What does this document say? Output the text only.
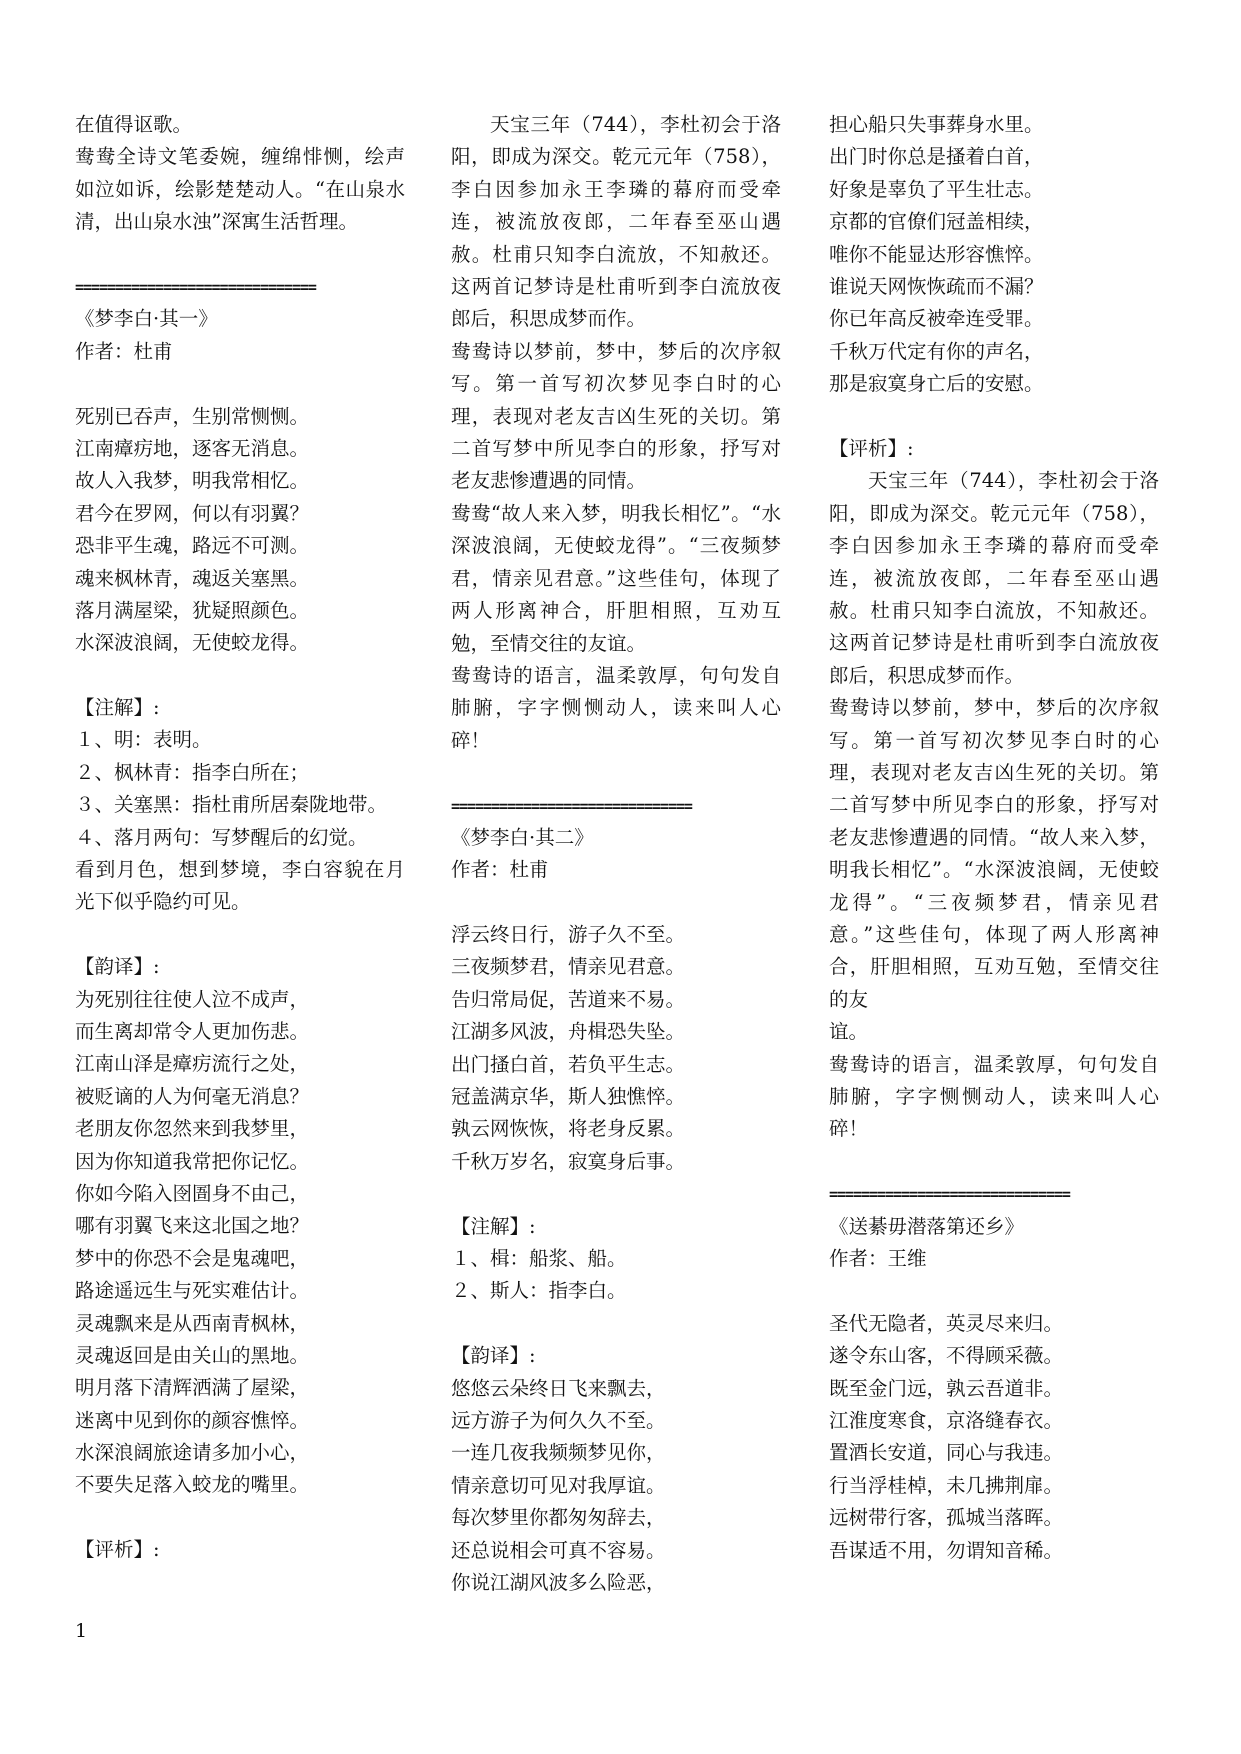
在值得讴歌。
鸯鸯全诗文笔委婉，缠绵悱恻，绘声如泣如诉，绘影楚楚动人。“在山泉水清，出山泉水浊”深寓生活哲理。
==============================
《梦李白·其一》
作者：杜甫
死别已吞声，生别常恻恻。
江南瘴疠地，逐客无消息。
故人入我梦，明我常相忆。
君今在罗网，何以有羽翼？
恐非平生魂，路远不可测。
魂来枫林青，魂返关塞黑。
落月满屋梁，犹疑照颜色。
水深波浪阔，无使蛟龙得。
【注解】:
１、明：表明。
２、枫林青：指李白所在；
３、关塞黑：指杜甫所居秦陇地带。
４、落月两句：写梦醒后的幻觉。
看到月色，想到梦境，李白容貌在月光下似乎隐约可见。
【韵译】:
为死别往往使人泣不成声，
而生离却常令人更加伤悲。
江南山泽是瘴疠流行之处，
被贬谪的人为何毫无消息？
老朋友你忽然来到我梦里，
因为你知道我常把你记忆。
你如今陷入囹圄身不由己，
哪有羽翼飞来这北国之地？
梦中的你恐不会是鬼魂吧，
路途遥远生与死实难估计。
灵魂飘来是从西南青枫林，
灵魂返回是由关山的黑地。
明月落下清辉洒满了屋梁，
迷离中见到你的颜容憔悴。
水深浪阔旅途请多加小心，
不要失足落入蛟龙的嘴里。
【评析】:
天宝三年（744），李杜初会于洛阳，即成为深交。乾元元年（758），李白因参加永王李璘的幕府而受牵连，被流放夜郎，二年春至巫山遇赦。杜甫只知李白流放，不知赦还。这两首记梦诗是杜甫听到李白流放夜郎后，积思成梦而作。
鸯鸯诗以梦前，梦中，梦后的次序叙写。第一首写初次梦见李白时的心理，表现对老友吉凶生死的关切。第二首写梦中所见李白的形象，抒写对老友悲惨遭遇的同情。
鸯鸯“故人来入梦，明我长相忆”。“水深波浪阔，无使蛟龙得”。“三夜频梦君，情亲见君意。”这些佳句，体现了两人形离神合，肝胆相照，互劝互勉，至情交往的友谊。
鸯鸯诗的语言，温柔敦厚，句句发自肺腑，字字恻恻动人，读来叫人心碎！
==============================
《梦李白·其二》
作者：杜甫
浮云终日行，游子久不至。
三夜频梦君，情亲见君意。
告归常局促，苦道来不易。
江湖多风波，舟楫恐失坠。
出门搔白首，若负平生志。
冠盖满京华，斯人独憔悴。
孰云网恢恢，将老身反累。
千秋万岁名，寂寞身后事。
【注解】:
１、楫：船浆、船。
２、斯人：指李白。
【韵译】:
悠悠云朵终日飞来飘去，
远方游子为何久久不至。
一连几夜我频频梦见你，
情亲意切可见对我厚谊。
每次梦里你都匆匆辞去，
还总说相会可真不容易。
你说江湖风波多么险恶，
担心船只失事葬身水里。
出门时你总是搔着白首，
好象是辜负了平生壮志。
京都的官僚们冠盖相续，
唯你不能显达形容憔悴。
谁说天网恢恢疏而不漏？
你已年高反被牵连受罪。
千秋万代定有你的声名，
那是寂寞身亡后的安慰。
【评析】:
天宝三年（744），李杜初会于洛阳，即成为深交。乾元元年（758），李白因参加永王李璘的幕府而受牵连，被流放夜郎，二年春至巫山遇赦。杜甫只知李白流放，不知赦还。这两首记梦诗是杜甫听到李白流放夜郎后，积思成梦而作。
鸯鸯诗以梦前，梦中，梦后的次序叙写。第一首写初次梦见李白时的心理，表现对老友吉凶生死的关切。第二首写梦中所见李白的形象，抒写对老友悲惨遭遇的同情。“故人来入梦，明我长相忆”。“水深波浪阔，无使蛟龙得”。“三夜频梦君，情亲见君意。”这些佳句，体现了两人形离神合，肝胆相照，互劝互勉，至情交往的友
谊。
鸯鸯诗的语言，温柔敦厚，句句发自肺腑，字字恻恻动人，读来叫人心碎！
==============================
《送綦毋潜落第还乡》
作者：王维
圣代无隐者，英灵尽来归。
遂令东山客，不得顾采薇。
既至金门远，孰云吾道非。
江淮度寒食，京洛缝春衣。
置酒长安道，同心与我违。
行当浮桂棹，未几拂荆扉。
远树带行客，孤城当落晖。
吾谋适不用，勿谓知音稀。
1
